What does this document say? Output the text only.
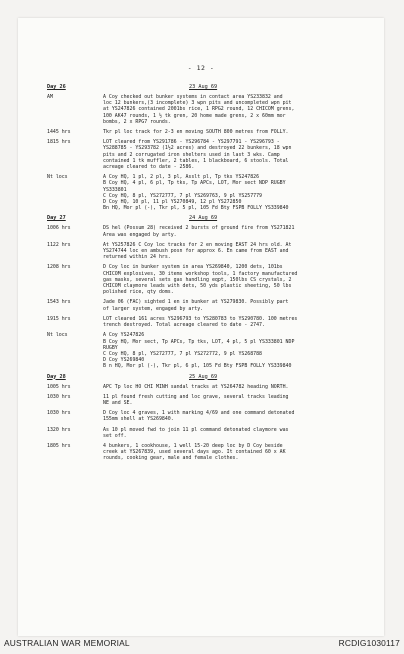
- 12 -
Day 26	23 Aug 69
AM	A Coy checked out bunker systems in contact area YS233832 and
loc 12 bunkers,(3 incomplete) 3 wpn pits and uncompleted wpn pit
at YS247826 contained 2001bs rice, 1 RPG2 round, 12 CHICOM grens,
100 AK47 rounds, 1 ½ tk gren, 20 home made grens, 2 x 60mm mor
bombs, 2 x RPG7 rounds.
1445 hrs	Tkr pl loc track for 2-3 en moving SOUTH 800 metres from FOLLY.
1815 hrs	LOT cleared from YS291786 - YS296784 - YS297791 - YS296793 -
YS288785 - YS293782 (1½2 acres) and destroyed 22 bunkers, 18 wpn
pits and 2 corrugated iron shelters used in last 3 wks. Camp
contained 1 tk muffler, 2 tables, 1 blackboard, 6 stools. Total
acreage cleared to date - 2586.
Nt locs	A Coy HQ, 1 pl, 2 pl, 3 pl, Asslt pl, Tp tks YS247826
B Coy HQ, 4 pl, 6 pl, Tp tks, Tp APCs, LOT, Mor sect NDP RUGBY
YS333801
C Coy HQ, 8 pl, YS272777, 7 pl YS269763, 9 pl YS257779
D Coy HQ, 10 pl, 11 pl YS270849, 12 pl YS272850
Bn HQ, Mor pl (-), Tkr pl, 5 pl, 105 Fd Bty FSPB FOLLY YS339840
Day 27	24 Aug 69
1006 hrs	DS hel (Possum 28) received 2 bursts of ground fire from YS271821
Area was engaged by arty.
1122 hrs	At YS257826 C Coy loc tracks for 2 en moving EAST 24 hrs old. At
YS274744 loc en ambush posn for approx 6. En came from EAST and
returned within 24 hrs.
1208 hrs	D Coy loc in bunker system in area YS269840, 1200 dets, 101bs
CHICOM explosives, 30 items workshop tools, 1 factory manufactured
gas masks, several sets gas handling eqpt, 150lbs CS crystals, 2
CHICOM claymore leads with dets, 50 yds plastic sheeting, 50 lbs
polished rice, qty doms.
1543 hrs	Jade 06 (FAC) sighted 1 en in bunker at YS279830. Possibly part
of larger system, engaged by arty.
1915 hrs	LOT cleared 161 acres YS296793 to YS280783 to YS290780. 100 metres
trench destroyed. Total acreage cleared to date - 2747.
Nt locs	A Coy YS247826
B Coy HQ, Mor sect, Tp APCs, Tp tks, LOT, 4 pl, 5 pl YS333801 NDP
RUGBY
C Coy HQ, 8 pl, YS272777, 7 pl YS272772, 9 pl YS268788
D Coy YS269840
B n HQ, Mor pl (-), Tkr pl, 6 pl, 105 Fd Bty FSPB FOLLY YS339840
Day 28	25 Aug 69
1005 hrs	APC Tp loc HO CHI MINH sandal tracks at YS264782 heading NORTH.
1030 hrs	11 pl found fresh cutting and loc grave, several tracks leading
NE and SE.
1030 hrs	D Coy loc 4 graves, 1 with marking 4/69 and one command detonated
155mm shell at YS269840.
1320 hrs	As 10 pl moved fwd to join 11 pl command detonated claymore was
set off.
1805 hrs	4 bunkers, 1 cookhouse, 1 well 15-20 deep loc by D Coy beside
creek at YS267839, used several days ago. It contained 60 x AK
rounds, cooking gear, male and female clothes.
AUSTRALIAN WAR MEMORIAL	RCDIG1030117
